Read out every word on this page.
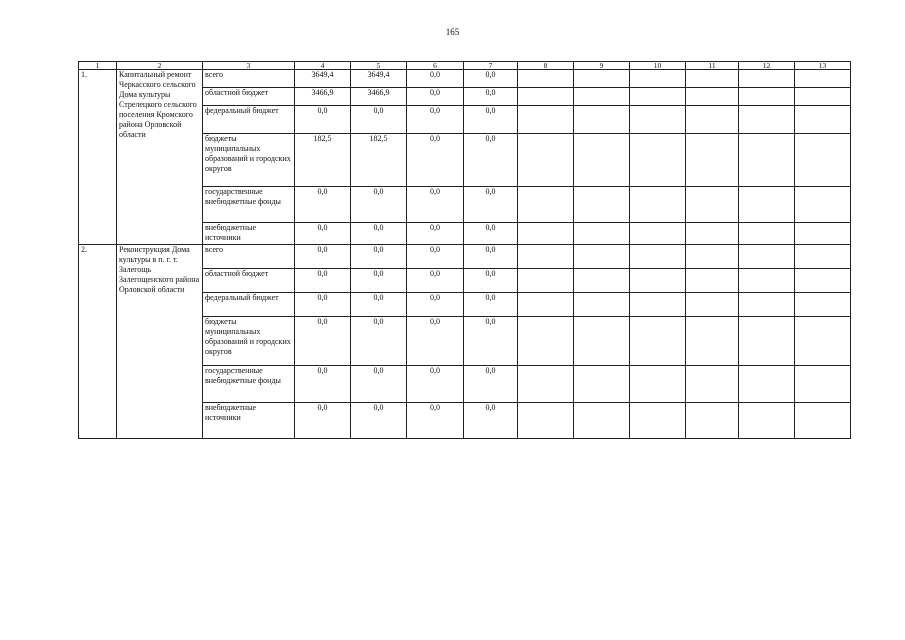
165
1	2	3	4	5	6	7	8	9	10	11	12	13
1.	Капитальный ремонт Черкасского сельского Дома культуры Стрелецкого сельского поселения Кромского района Орловской области	всего	3649,4	3649,4	0,0	0,0						
		областной бюджет	3466,9	3466,9	0,0	0,0						
		федеральный бюджет	0,0	0,0	0,0	0,0						
		бюджеты муниципальных образований и городских округов	182,5	182,5	0,0	0,0						
		государственные внебюджетные фонды	0,0	0,0	0,0	0,0						
		внебюджетные источники	0,0	0,0	0,0	0,0						
2.	Реконструкция Дома культуры в п. г. т. Залегощь Залегощенского района Орловской области	всего	0,0	0,0	0,0	0,0						
		областной бюджет	0,0	0,0	0,0	0,0						
		федеральный бюджет	0,0	0,0	0,0	0,0						
		бюджеты муниципальных образований и городских округов	0,0	0,0	0,0	0,0						
		государственные внебюджетные фонды	0,0	0,0	0,0	0,0						
		внебюджетные источники	0,0	0,0	0,0	0,0						
